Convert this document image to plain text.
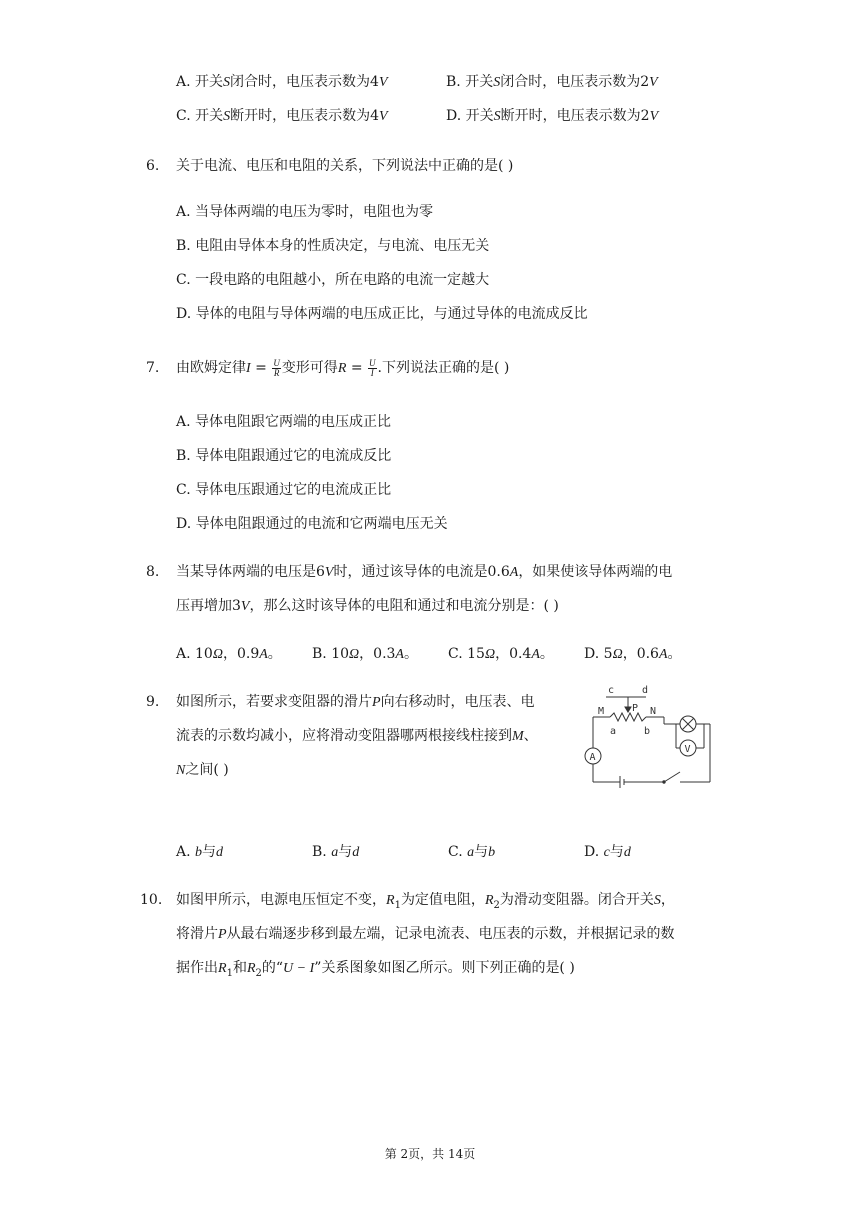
A. 开关S闭合时，电压表示数为4V	B. 开关S闭合时，电压表示数为2V
C. 开关S断开时，电压表示数为4V	D. 开关S断开时，电压表示数为2V
6. 关于电流、电压和电阻的关系，下列说法中正确的是( )
A. 当导体两端的电压为零时，电阻也为零
B. 电阻由导体本身的性质决定，与电流、电压无关
C. 一段电路的电阻越小，所在电路的电流一定越大
D. 导体的电阻与导体两端的电压成正比，与通过导体的电流成反比
7. 由欧姆定律$I = \frac{U}{R}$ 变形可得$R = \frac{U}{I}$ .下列说法正确的是( )
A. 导体电阻跟它两端的电压成正比
B. 导体电阻跟通过它的电流成反比
C. 导体电压跟通过它的电流成正比
D. 导体电阻跟通过的电流和它两端电压无关
8. 当某导体两端的电压是6V时，通过该导体的电流是0.6A，如果使该导体两端的电
压再增加3V，那么这时该导体的电阻和通过和电流分别是：( )
A. 10Ω，0.9A。 B. 10Ω，0.3A。 C. 15Ω，0.4A。 D. 5Ω，0.6A。
9. 如图所示，若要求变阻器的滑片P向右移动时，电压表、电
流表的示数均减小，应将滑动变阻器哪两根接线柱接到M、
N之间( )
c	d
P
M	N
a	b
A
V
A. b与d	B. a与d	C. a与b	D. c与d
10. 如图甲所示，电源电压恒定不变，$R_1$为定值电阻，$R_2$为滑动变阻器。闭合开关S，
将滑片P从最右端逐步移到最左端，记录电流表、电压表的示数，并根据记录的数
据作出$R_1$和$R_2$的“U − I”关系图象如图乙所示。则下列正确的是( )
第 2页，共 14页
